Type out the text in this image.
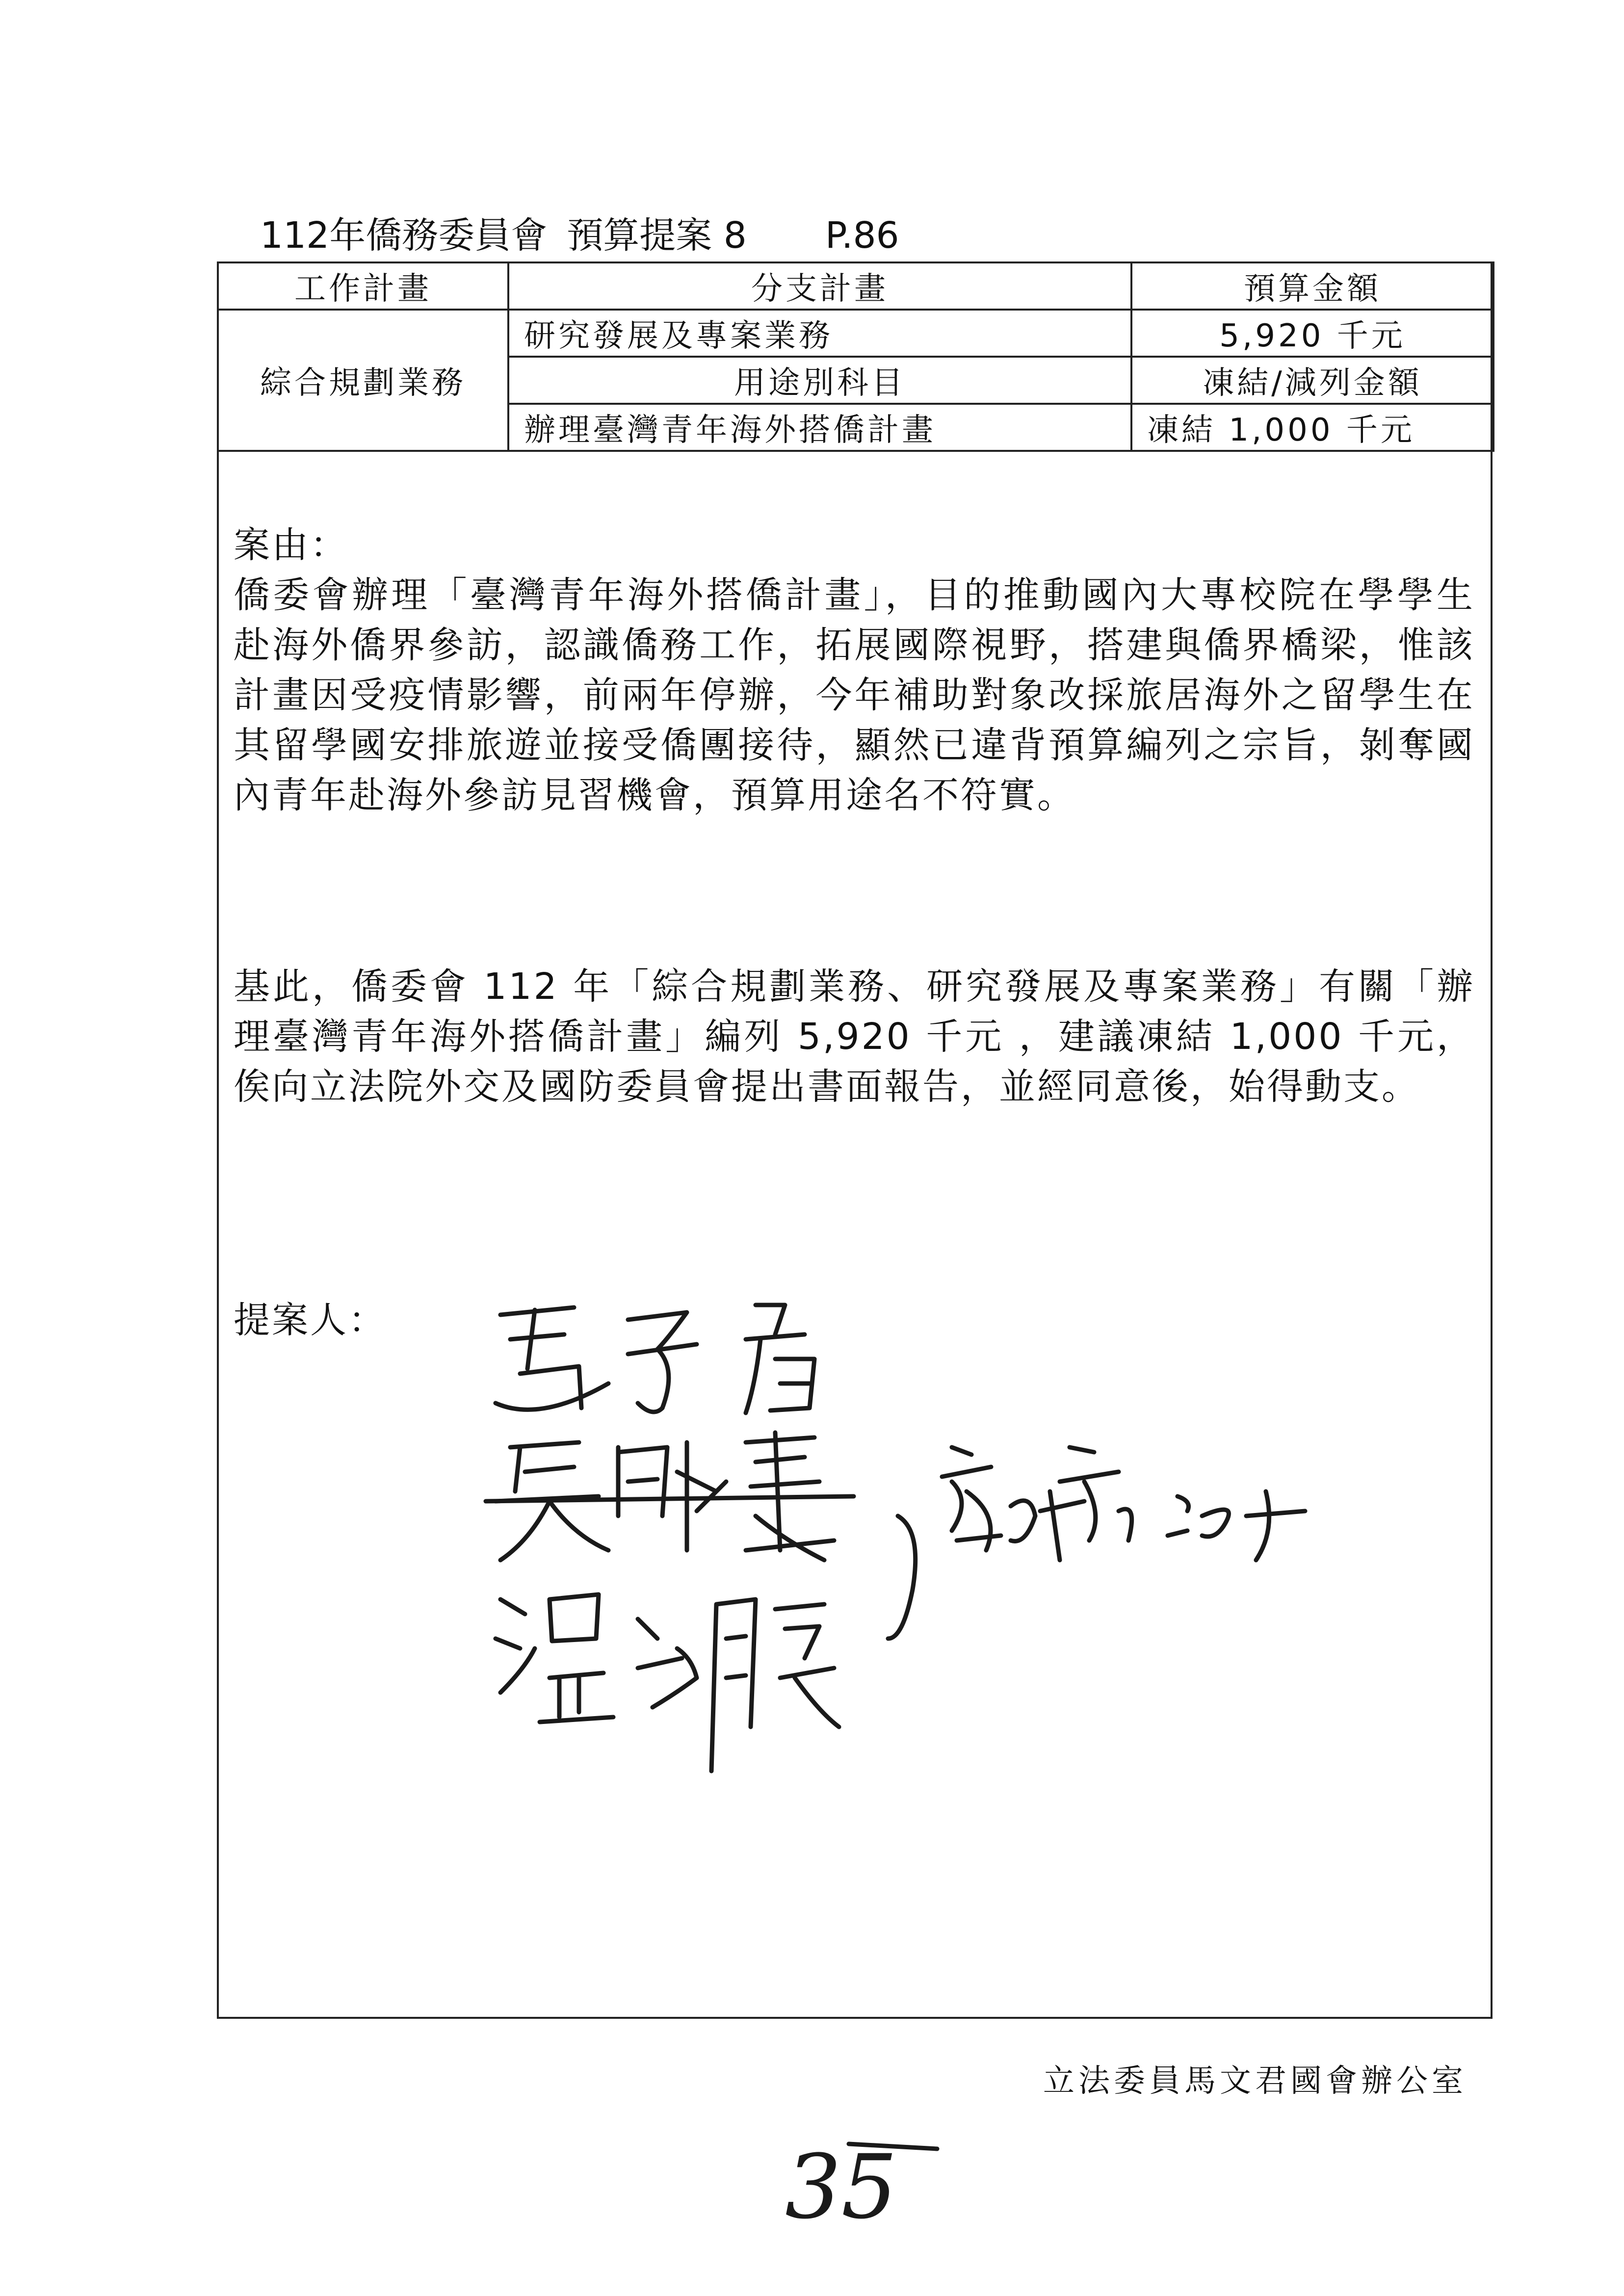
112 年僑務委員會 預算提案 8 P.86
工作計畫	分支計畫	預算金額
綜合規劃業務	研究發展及專案業務	5,920 千元
	用途別科目	凍結/減列金額
	辦理臺灣青年海外搭僑計畫	凍結 1,000 千元

案由：

僑委會辦理「臺灣青年海外搭僑計畫」，目的推動國內大專校院在學學生赴海外僑界參訪，認識僑務工作，拓展國際視野，搭建與僑界橋梁，惟該計畫因受疫情影響，前兩年停辦，今年補助對象改採旅居海外之留學生在其留學國安排旅遊並接受僑團接待，顯然已違背預算編列之宗旨，剝奪國內青年赴海外參訪見習機會，預算用途名不符實。

基此，僑委會 112 年「綜合規劃業務、研究發展及專案業務」有關「辦理臺灣青年海外搭僑計畫」編列 5,920 千元 ，建議凍結 1,000 千元，俟向立法院外交及國防委員會提出書面報告，並經同意後，始得動支。

提案人：

立法委員馬文君國會辦公室
35
